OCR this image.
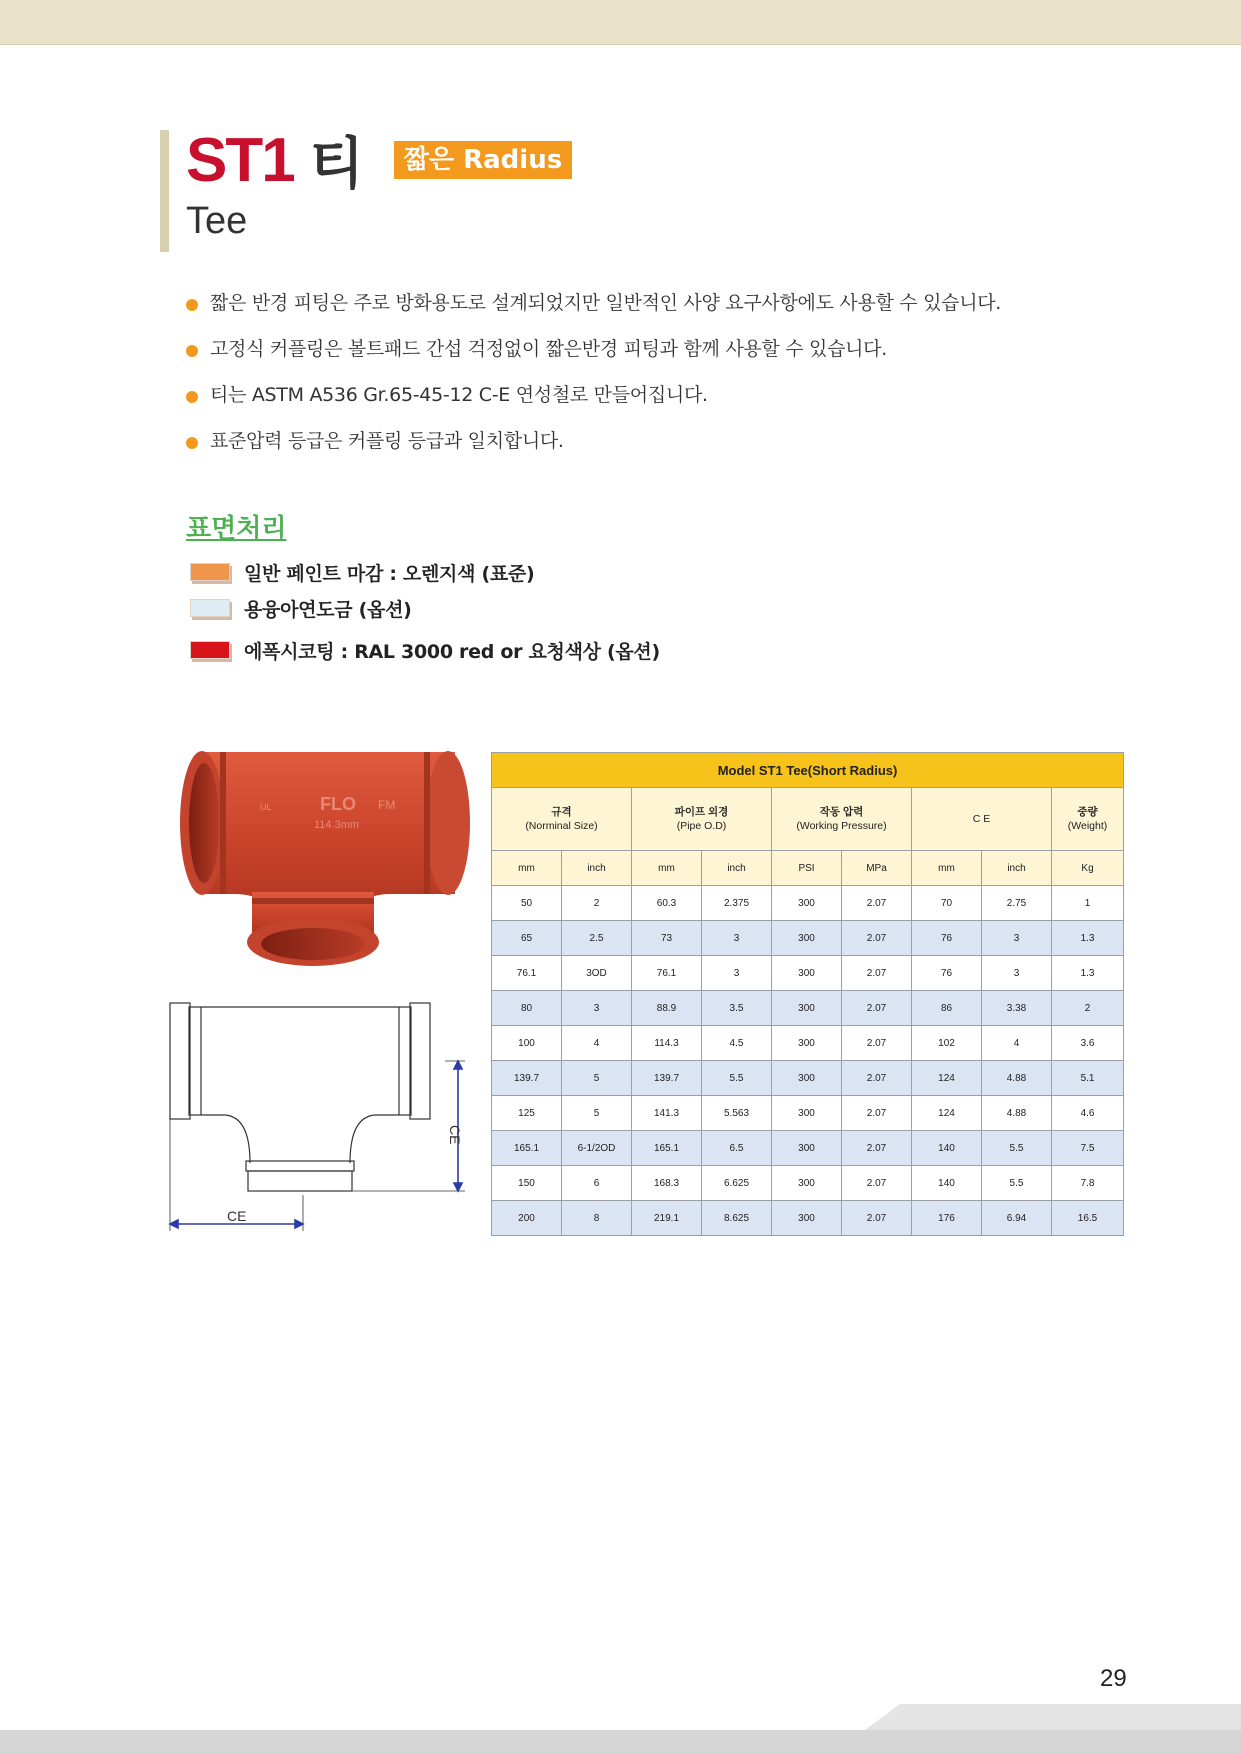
ST1 티	짧은 Radius
Tee
짧은 반경 피팅은 주로 방화용도로 설계되었지만 일반적인 사양 요구사항에도 사용할 수 있습니다.
고정식 커플링은 볼트패드 간섭 걱정없이 짧은반경 피팅과 함께 사용할 수 있습니다.
티는 ASTM A536 Gr.65-45-12 C-E 연성철로 만들어집니다.
표준압력 등급은 커플링 등급과 일치합니다.
표면처리
일반 페인트 마감 : 오렌지색 (표준)
용융아연도금 (옵션)
에폭시코팅 : RAL 3000 red or 요청색상 (옵션)
UL	FLO FM
114.3mm
CE
CE
Model ST1 Tee(Short Radius)								
규격
(Norminal Size)		파이프 외경
(Pipe O.D)		작동 압력
(Working Pressure)		C E		중량
(Weight)
mm	inch	mm	inch	PSI	MPa	mm	inch	Kg
50	2	60.3	2.375	300	2.07	70	2.75	1
65	2.5	73	3	300	2.07	76	3	1.3
76.1	3OD	76.1	3	300	2.07	76	3	1.3
80	3	88.9	3.5	300	2.07	86	3.38	2
100	4	114.3	4.5	300	2.07	102	4	3.6
139.7	5	139.7	5.5	300	2.07	124	4.88	5.1
125	5	141.3	5.563	300	2.07	124	4.88	4.6
165.1	6-1/2OD	165.1	6.5	300	2.07	140	5.5	7.5
150	6	168.3	6.625	300	2.07	140	5.5	7.8
200	8	219.1	8.625	300	2.07	176	6.94	16.5
29
